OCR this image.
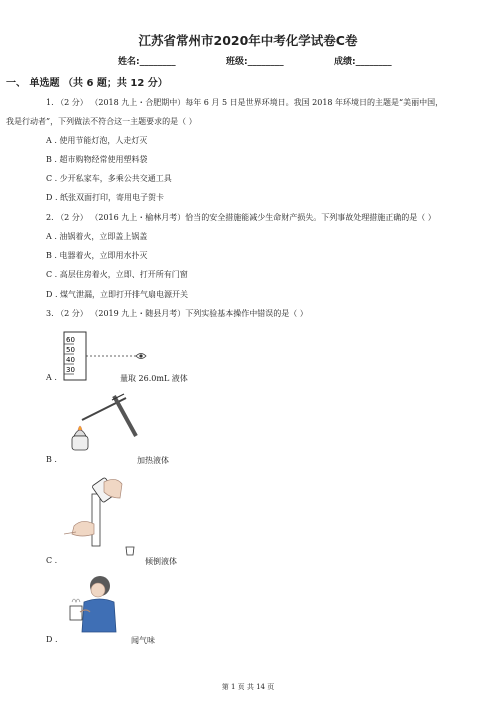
江苏省常州市2020年中考化学试卷C卷
姓名:________	班级:________	成绩:________
一、 单选题 （共 6 题；共 12 分）
1. （2 分） （2018 九上・合肥期中）每年 6 月 5 日是世界环境日。我国 2018 年环境日的主题是“美丽中国，
我是行动者”，下列做法不符合这一主题要求的是（ ）
A . 使用节能灯泡，人走灯灭
B . 超市购物经常使用塑料袋
C . 少开私家车，多乘公共交通工具
D . 纸张双面打印，寄用电子贺卡
2. （2 分） （2016 九上・榆林月考）恰当的安全措施能减少生命财产损失。下列事故处理措施正确的是（ ）
A . 油锅着火，立即盖上锅盖
B . 电器着火，立即用水扑灭
C . 高层住房着火，立即、打开所有门窗
D . 煤气泄漏，立即打开排气扇电源开关
3. （2 分） （2019 九上・随县月考）下列实验基本操作中错误的是（ ）
60
50
40
30
A .	量取 26.0mL 液体
B .	加热液体
C .	倾倒液体
D .	闻气味
第 1 页 共 14 页
